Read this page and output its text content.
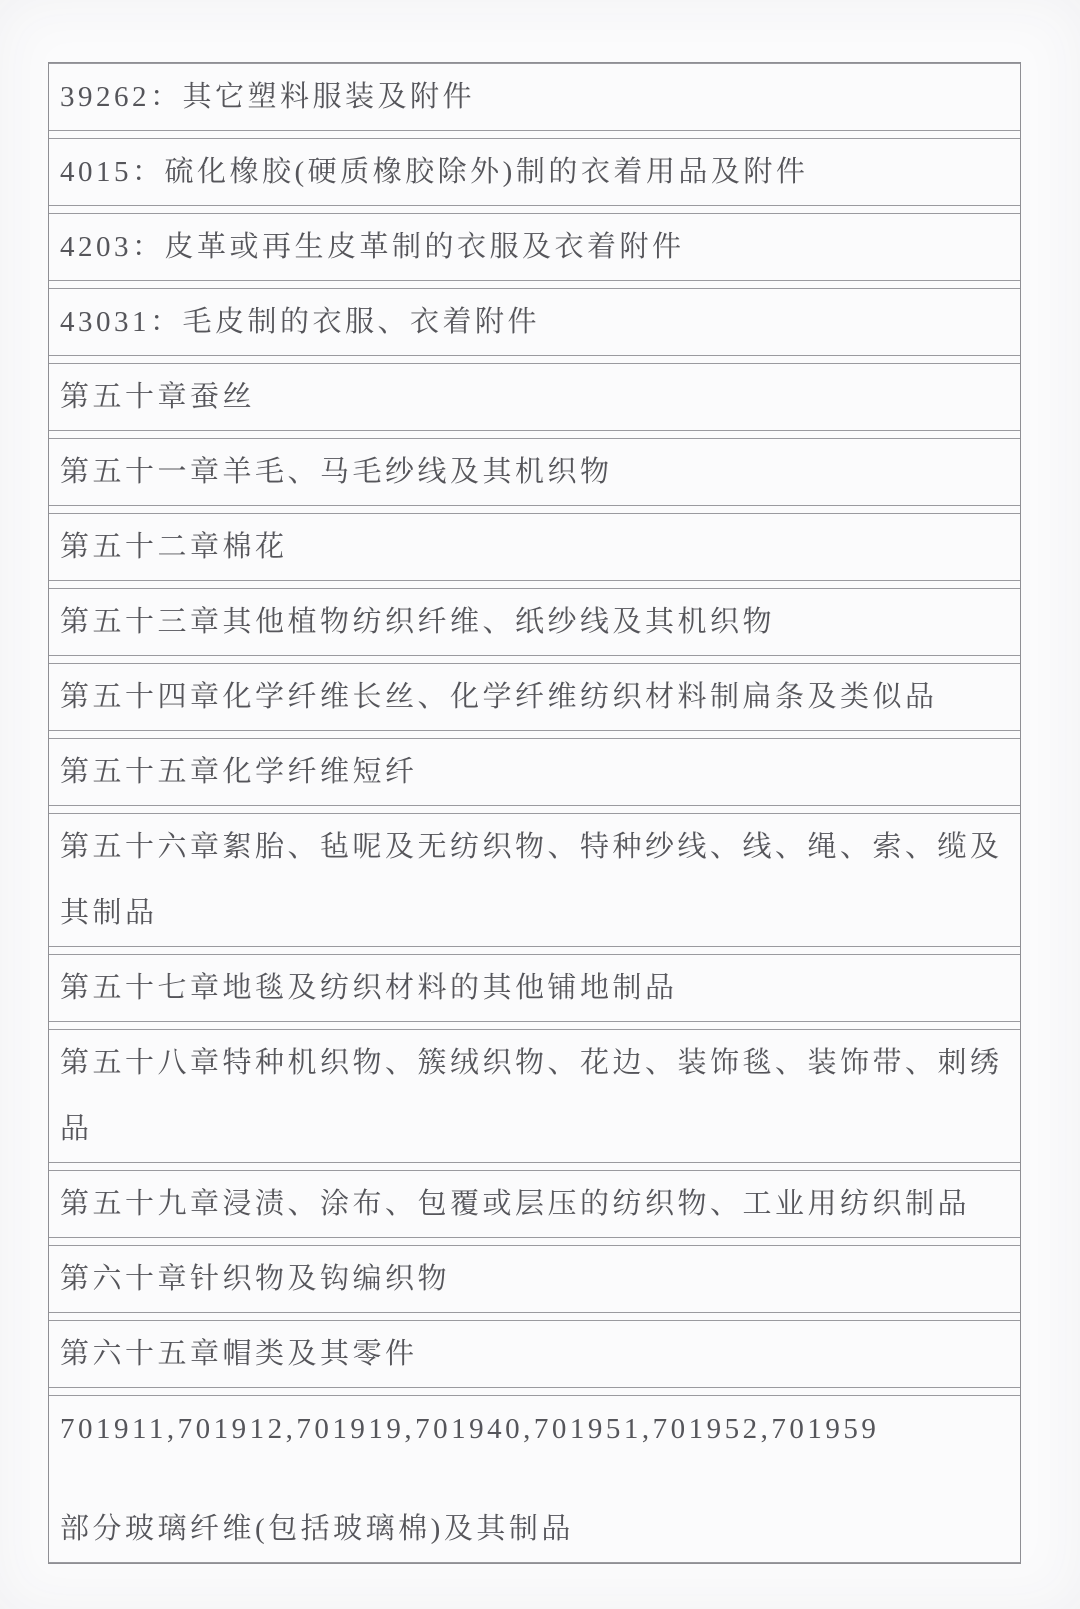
39262：其它塑料服装及附件
4015：硫化橡胶(硬质橡胶除外)制的衣着用品及附件
4203：皮革或再生皮革制的衣服及衣着附件
43031：毛皮制的衣服、衣着附件
第五十章蚕丝
第五十一章羊毛、马毛纱线及其机织物
第五十二章棉花
第五十三章其他植物纺织纤维、纸纱线及其机织物
第五十四章化学纤维长丝、化学纤维纺织材料制扁条及类似品
第五十五章化学纤维短纤
第五十六章絮胎、毡呢及无纺织物、特种纱线、线、绳、索、缆及其制品
第五十七章地毯及纺织材料的其他铺地制品
第五十八章特种机织物、簇绒织物、花边、装饰毯、装饰带、刺绣品
第五十九章浸渍、涂布、包覆或层压的纺织物、工业用纺织制品
第六十章针织物及钩编织物
第六十五章帽类及其零件
701911,701912,701919,701940,701951,701952,701959
部分玻璃纤维(包括玻璃棉)及其制品
